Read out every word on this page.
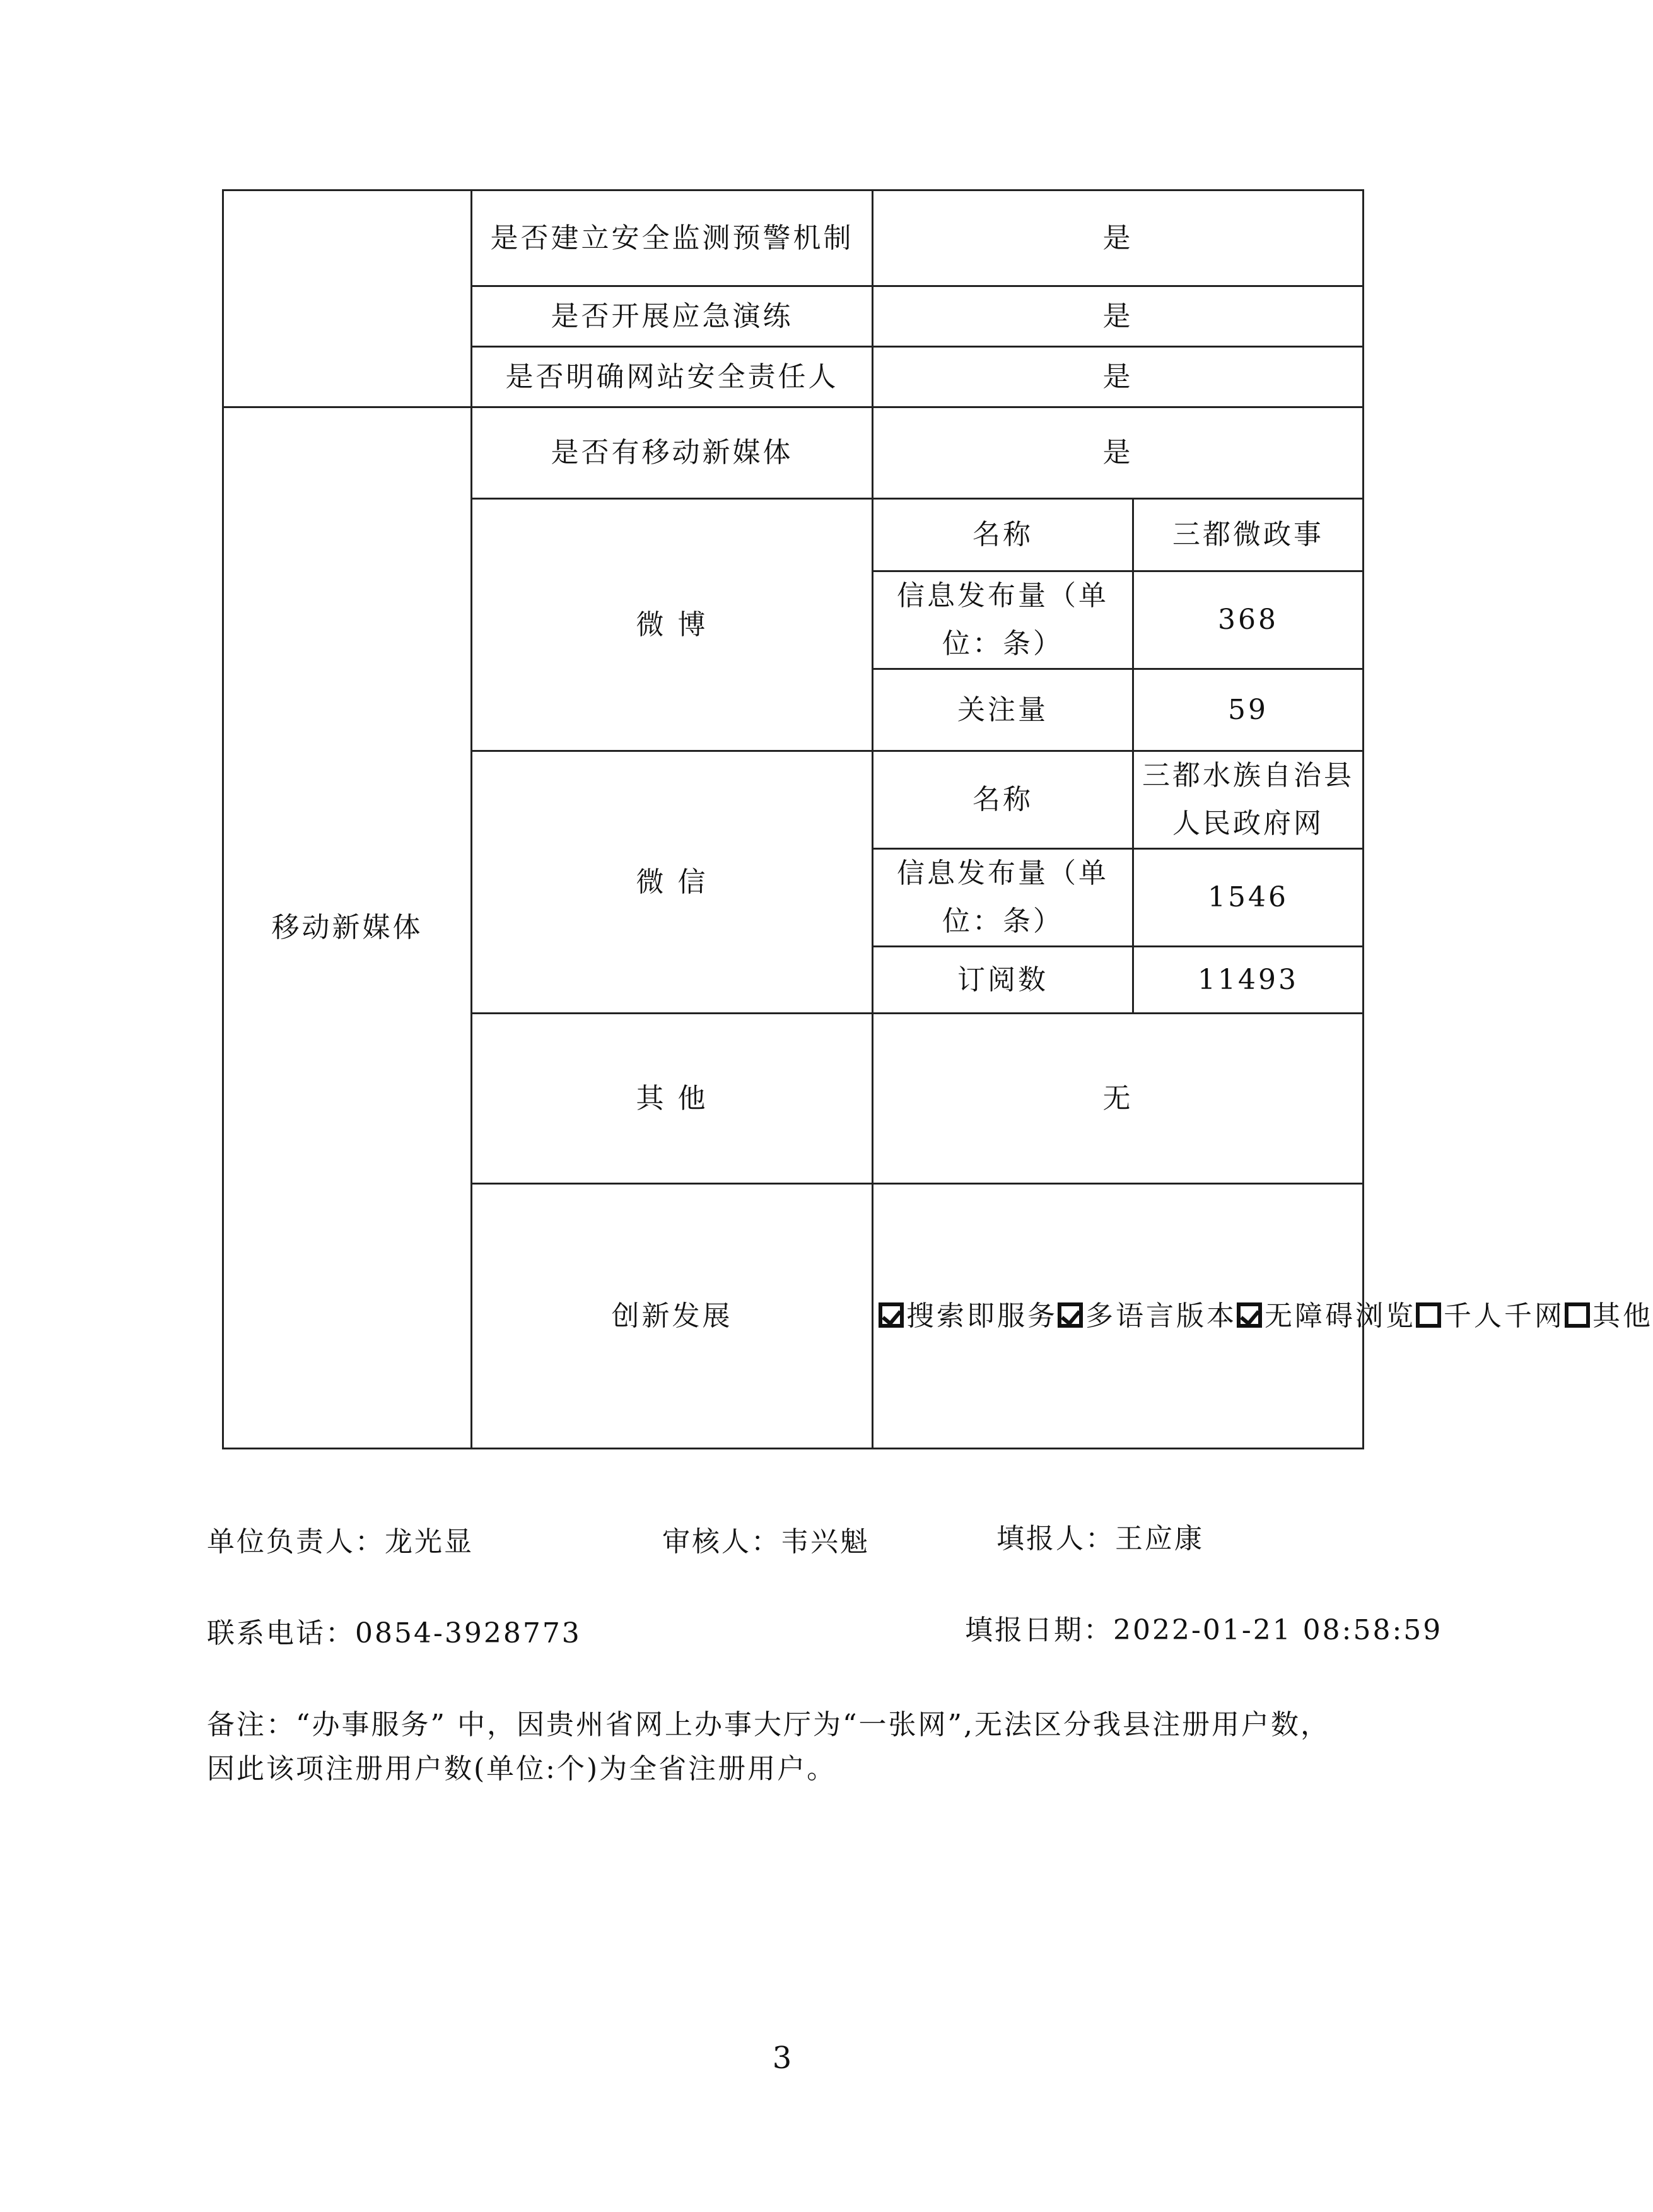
	是否建立安全监测预警机制	是	
	是否开展应急演练	是	
	是否明确网站安全责任人	是	
移动新媒体	是否有移动新媒体	是	
	微 博	名称	三都微政事
		信息发布量（单位：条）	368
		关注量	59
	微 信	名称	三都水族自治县人民政府网
		信息发布量（单位：条）	1546
		订阅数	11493
	其 他	无	
	创新发展	搜索即服务 多语言版本 无障碍浏览 千人千网 其他	
单位负责人：龙光显	审核人：韦兴魁	填报人：王应康
联系电话：0854-3928773	填报日期：2022-01-21 08:58:59
备注：“办事服务” 中，因贵州省网上办事大厅为“一张网”,无法区分我县注册用户数，因此该项注册用户数(单位:个)为全省注册用户。
3
